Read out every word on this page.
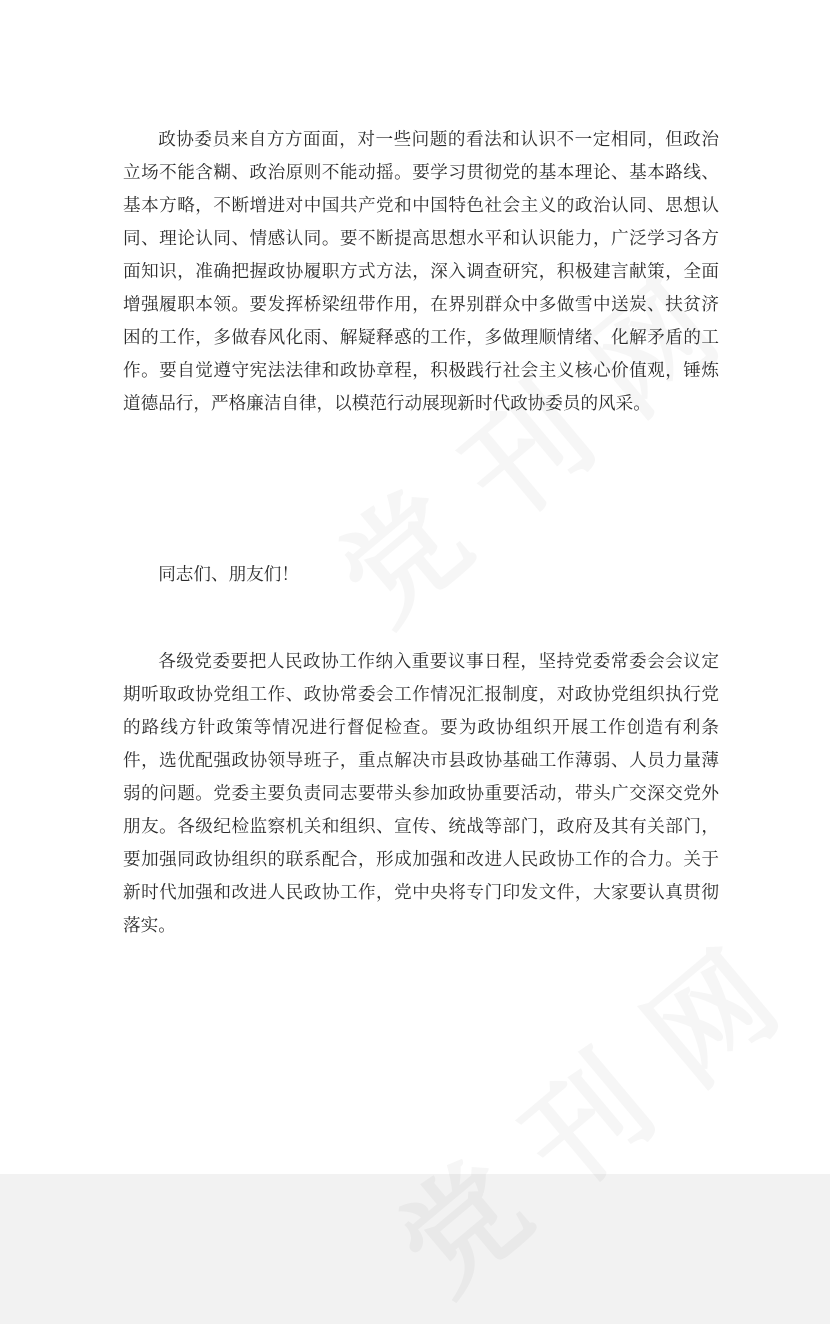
政协委员来自方方面面，对一些问题的看法和认识不一定相同，但政治立场不能含糊、政治原则不能动摇。要学习贯彻党的基本理论、基本路线、基本方略，不断增进对中国共产党和中国特色社会主义的政治认同、思想认同、理论认同、情感认同。要不断提高思想水平和认识能力，广泛学习各方面知识，准确把握政协履职方式方法，深入调查研究，积极建言献策，全面增强履职本领。要发挥桥梁纽带作用，在界别群众中多做雪中送炭、扶贫济困的工作，多做春风化雨、解疑释惑的工作，多做理顺情绪、化解矛盾的工作。要自觉遵守宪法法律和政协章程，积极践行社会主义核心价值观，锤炼道德品行，严格廉洁自律，以模范行动展现新时代政协委员的风采。

同志们、朋友们！

各级党委要把人民政协工作纳入重要议事日程，坚持党委常委会会议定期听取政协党组工作、政协常委会工作情况汇报制度，对政协党组织执行党的路线方针政策等情况进行督促检查。要为政协组织开展工作创造有利条件，选优配强政协领导班子，重点解决市县政协基础工作薄弱、人员力量薄弱的问题。党委主要负责同志要带头参加政协重要活动，带头广交深交党外朋友。各级纪检监察机关和组织、宣传、统战等部门，政府及其有关部门，要加强同政协组织的联系配合，形成加强和改进人民政协工作的合力。关于新时代加强和改进人民政协工作，党中央将专门印发文件，大家要认真贯彻落实。
